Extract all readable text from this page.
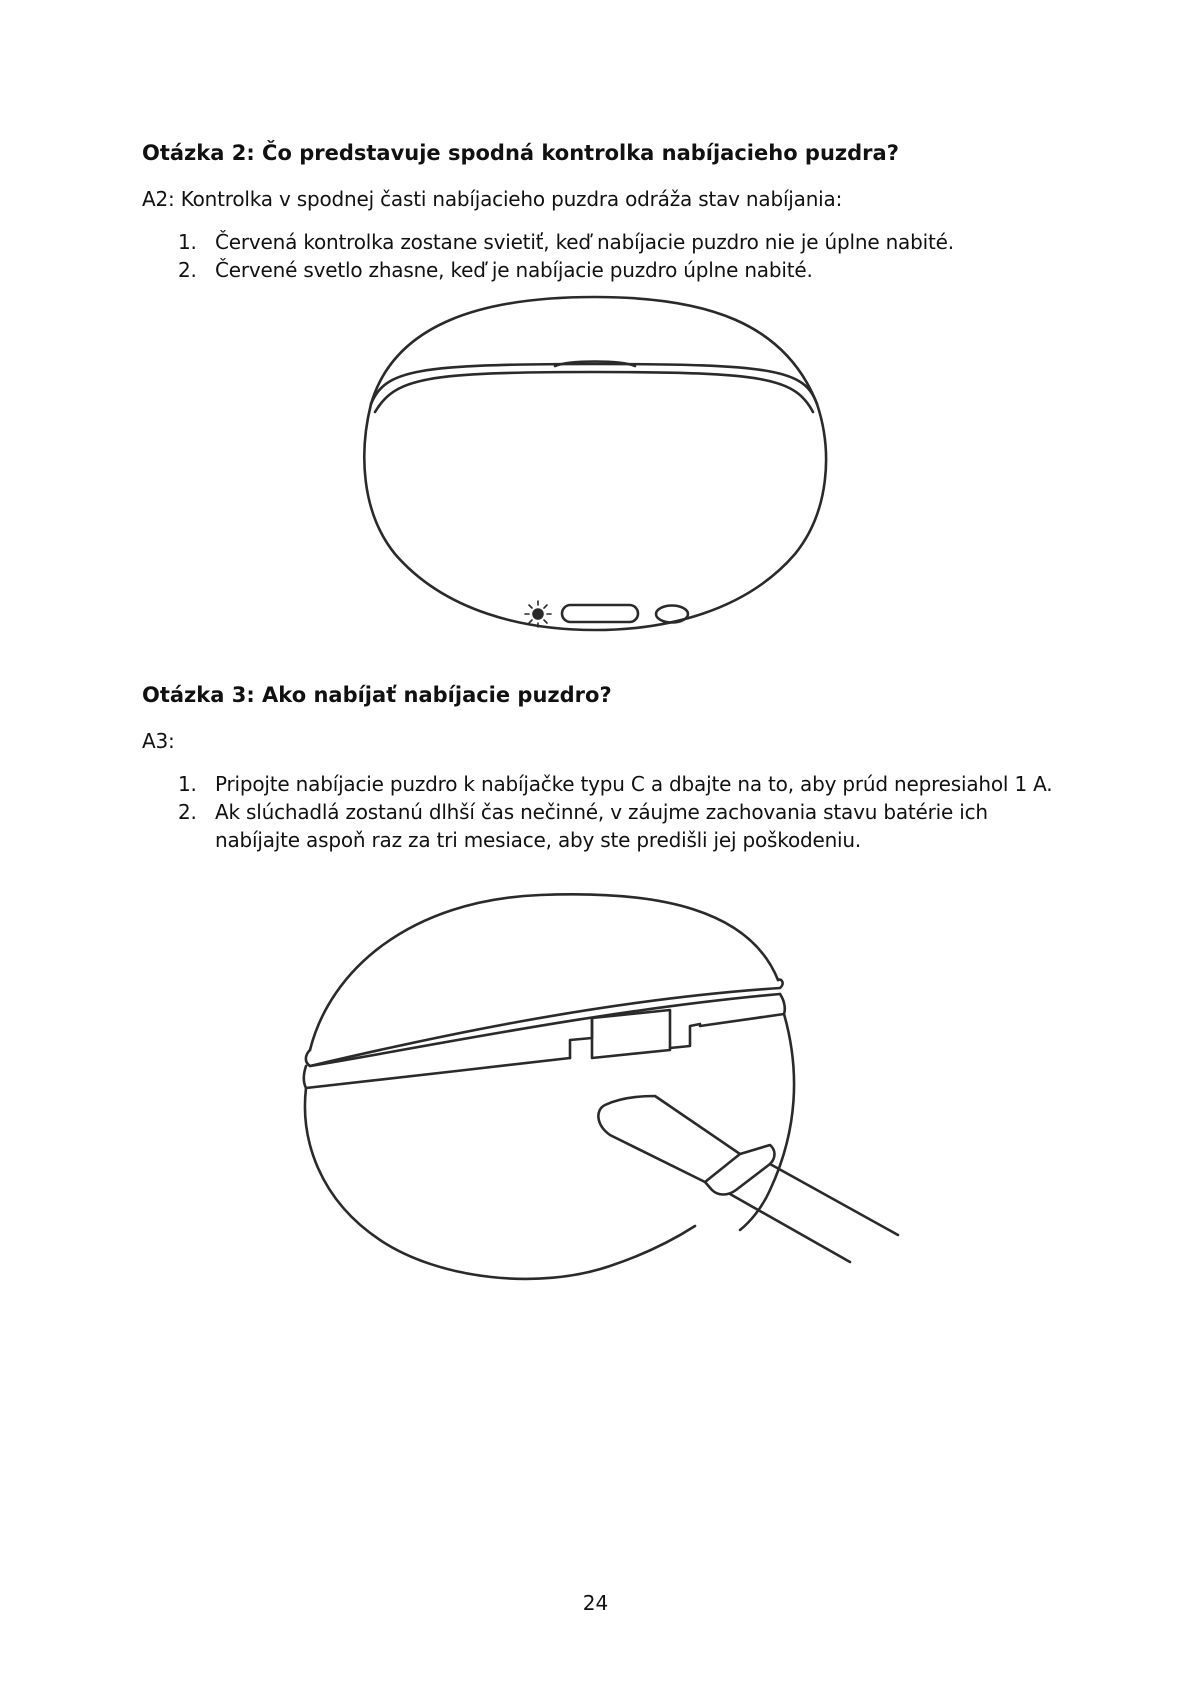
Otázka 2: Čo predstavuje spodná kontrolka nabíjacieho puzdra?

A2: Kontrolka v spodnej časti nabíjacieho puzdra odráža stav nabíjania:

1. Červená kontrolka zostane svietiť, keď nabíjacie puzdro nie je úplne nabité.
2. Červené svetlo zhasne, keď je nabíjacie puzdro úplne nabité.
Otázka 3: Ako nabíjať nabíjacie puzdro?

A3:

1. Pripojte nabíjacie puzdro k nabíjačke typu C a dbajte na to, aby prúd nepresiahol 1 A.
2. Ak slúchadlá zostanú dlhší čas nečinné, v záujme zachovania stavu batérie ich nabíjajte aspoň raz za tri mesiace, aby ste predišli jej poškodeniu.
24
